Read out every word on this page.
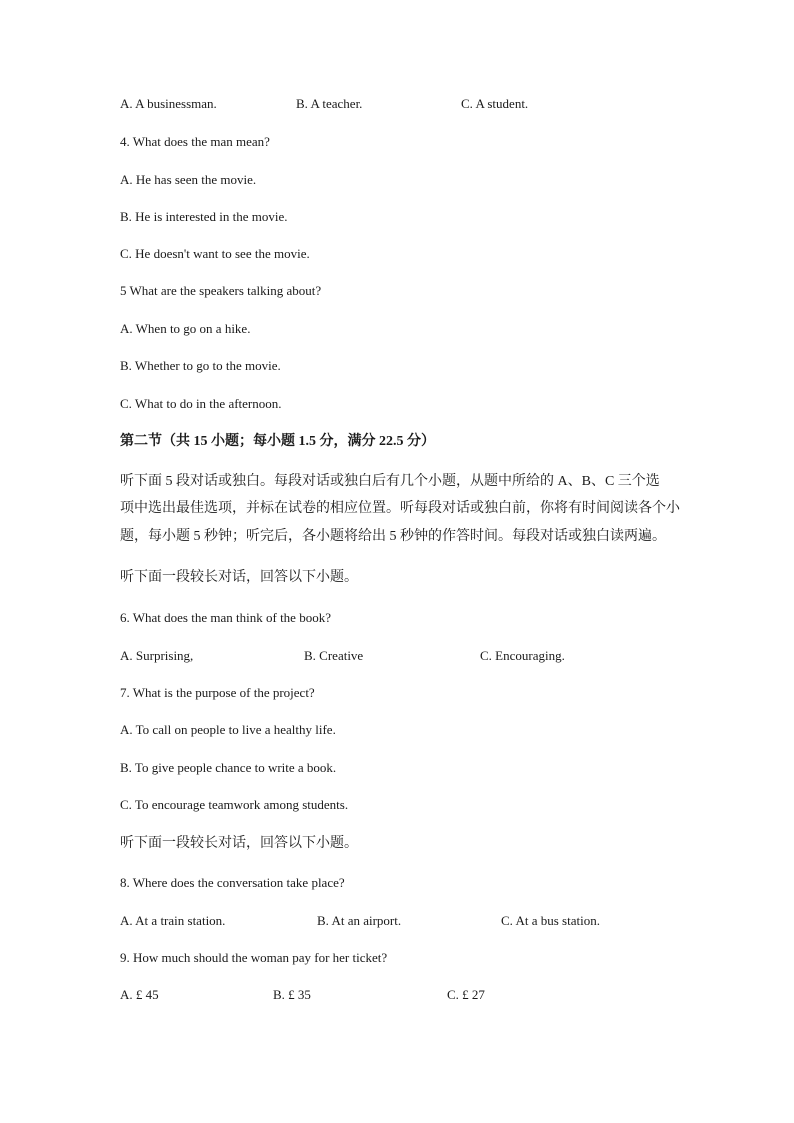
A. A businessman.	B. A teacher.	C. A student.
4. What does the man mean?
A. He has seen the movie.
B. He is interested in the movie.
C. He doesn't want to see the movie.
5 What are the speakers talking about?
A. When to go on a hike.
B. Whether to go to the movie.
C. What to do in the afternoon.
第二节（共 15 小题；每小题 1.5 分，满分 22.5 分）
听下面 5 段对话或独白。每段对话或独白后有几个小题，从题中所给的 A、B、C 三个选
项中选出最佳选项，并标在试卷的相应位置。听每段对话或独白前，你将有时间阅读各个小
题，每小题 5 秒钟；听完后，各小题将给出 5 秒钟的作答时间。每段对话或独白读两遍。
听下面一段较长对话，回答以下小题。
6. What does the man think of the book?
A. Surprising,	B. Creative	C. Encouraging.
7. What is the purpose of the project?
A. To call on people to live a healthy life.
B. To give people chance to write a book.
C. To encourage teamwork among students.
听下面一段较长对话，回答以下小题。
8. Where does the conversation take place?
A. At a train station.	B. At an airport.	C. At a bus station.
9. How much should the woman pay for her ticket?
A. £ 45	B. £ 35	C. £ 27
